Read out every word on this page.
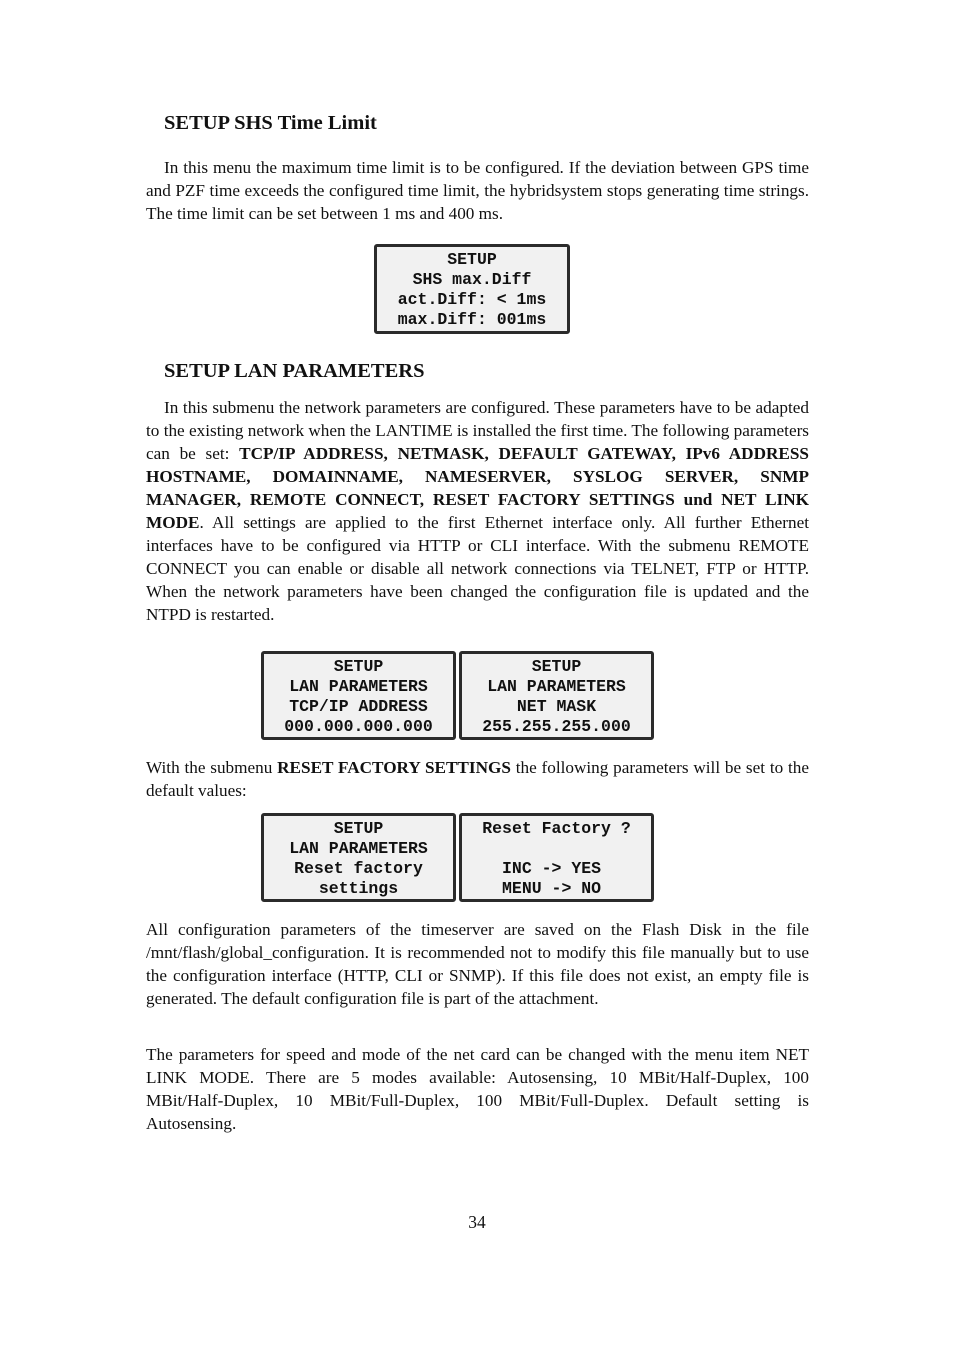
SETUP SHS Time Limit

In this menu the maximum time limit is to be configured. If the deviation between GPS time and PZF time exceeds the configured time limit, the hybridsystem stops generating time strings. The time limit can be set between 1 ms and 400 ms.

SETUP
SHS max.Diff
act.Diff: < 1ms
max.Diff: 001ms
SETUP LAN PARAMETERS

In this submenu the network parameters are configured. These parameters have to be adapted to the existing network when the LANTIME is installed the first time. The following parameters can be set: TCP/IP ADDRESS, NETMASK, DEFAULT GATEWAY, IPv6 ADDRESS HOSTNAME, DOMAINNAME, NAMESERVER, SYSLOG SERVER, SNMP MANAGER, REMOTE CONNECT, RESET FACTORY SETTINGS und NET LINK MODE. All settings are applied to the first Ethernet interface only. All further Ethernet interfaces have to be configured via HTTP or CLI interface. With the submenu REMOTE CONNECT you can enable or disable all network connections via TELNET, FTP or HTTP. When the network parameters have been changed the configuration file is updated and the NTPD is restarted.

SETUP
LAN PARAMETERS
TCP/IP ADDRESS
000.000.000.000
SETUP
LAN PARAMETERS
NET MASK
255.255.255.000

With the submenu RESET FACTORY SETTINGS the following parameters will be set to the default values:

SETUP
LAN PARAMETERS
Reset factory
settings
Reset Factory ?
INC -> YES
MENU -> NO

All configuration parameters of the timeserver are saved on the Flash Disk in the file /mnt/flash/global_configuration. It is recommended not to modify this file manually but to use the configuration interface (HTTP, CLI or SNMP). If this file does not exist, an empty file is generated. The default configuration file is part of the attachment.

The parameters for speed and mode of the net card can be changed with the menu item NET LINK MODE. There are 5 modes available: Autosensing, 10 MBit/Half-Duplex, 100 MBit/Half-Duplex, 10 MBit/Full-Duplex, 100 MBit/Full-Duplex. Default setting is Autosensing.

34
